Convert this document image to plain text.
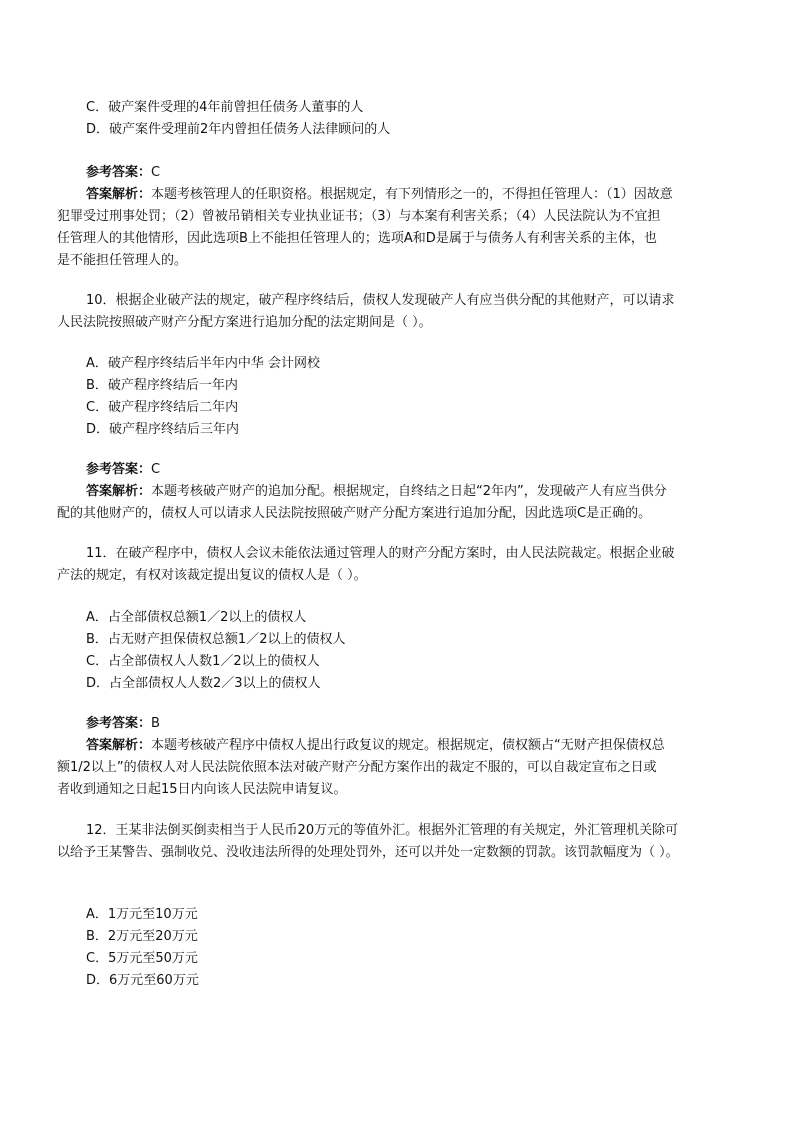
C．破产案件受理的4年前曾担任债务人董事的人
D．破产案件受理前2年内曾担任债务人法律顾问的人
参考答案：C
答案解析：本题考核管理人的任职资格。根据规定，有下列情形之一的，不得担任管理人：（1）因故意
犯罪受过刑事处罚；（2）曾被吊销相关专业执业证书；（3）与本案有利害关系；（4）人民法院认为不宜担
任管理人的其他情形，因此选项B上不能担任管理人的；选项A和D是属于与债务人有利害关系的主体，也
是不能担任管理人的。
10．根据企业破产法的规定，破产程序终结后，债权人发现破产人有应当供分配的其他财产，可以请求
人民法院按照破产财产分配方案进行追加分配的法定期间是（ ）。
A．破产程序终结后半年内中华 会计网校
B．破产程序终结后一年内
C．破产程序终结后二年内
D．破产程序终结后三年内
参考答案：C
答案解析：本题考核破产财产的追加分配。根据规定，自终结之日起“2年内”，发现破产人有应当供分
配的其他财产的，债权人可以请求人民法院按照破产财产分配方案进行追加分配，因此选项C是正确的。
11．在破产程序中，债权人会议未能依法通过管理人的财产分配方案时，由人民法院裁定。根据企业破
产法的规定，有权对该裁定提出复议的债权人是（ ）。
A．占全部债权总额1／2以上的债权人
B．占无财产担保债权总额1／2以上的债权人
C．占全部债权人人数1／2以上的债权人
D．占全部债权人人数2／3以上的债权人
参考答案：B
答案解析：本题考核破产程序中债权人提出行政复议的规定。根据规定，债权额占“无财产担保债权总
额1/2以上”的债权人对人民法院依照本法对破产财产分配方案作出的裁定不服的，可以自裁定宣布之日或
者收到通知之日起15日内向该人民法院申请复议。
12．王某非法倒买倒卖相当于人民币20万元的等值外汇。根据外汇管理的有关规定，外汇管理机关除可
以给予王某警告、强制收兑、没收违法所得的处理处罚外，还可以并处一定数额的罚款。该罚款幅度为（ ）。
A．1万元至10万元
B．2万元至20万元
C．5万元至50万元
D．6万元至60万元
